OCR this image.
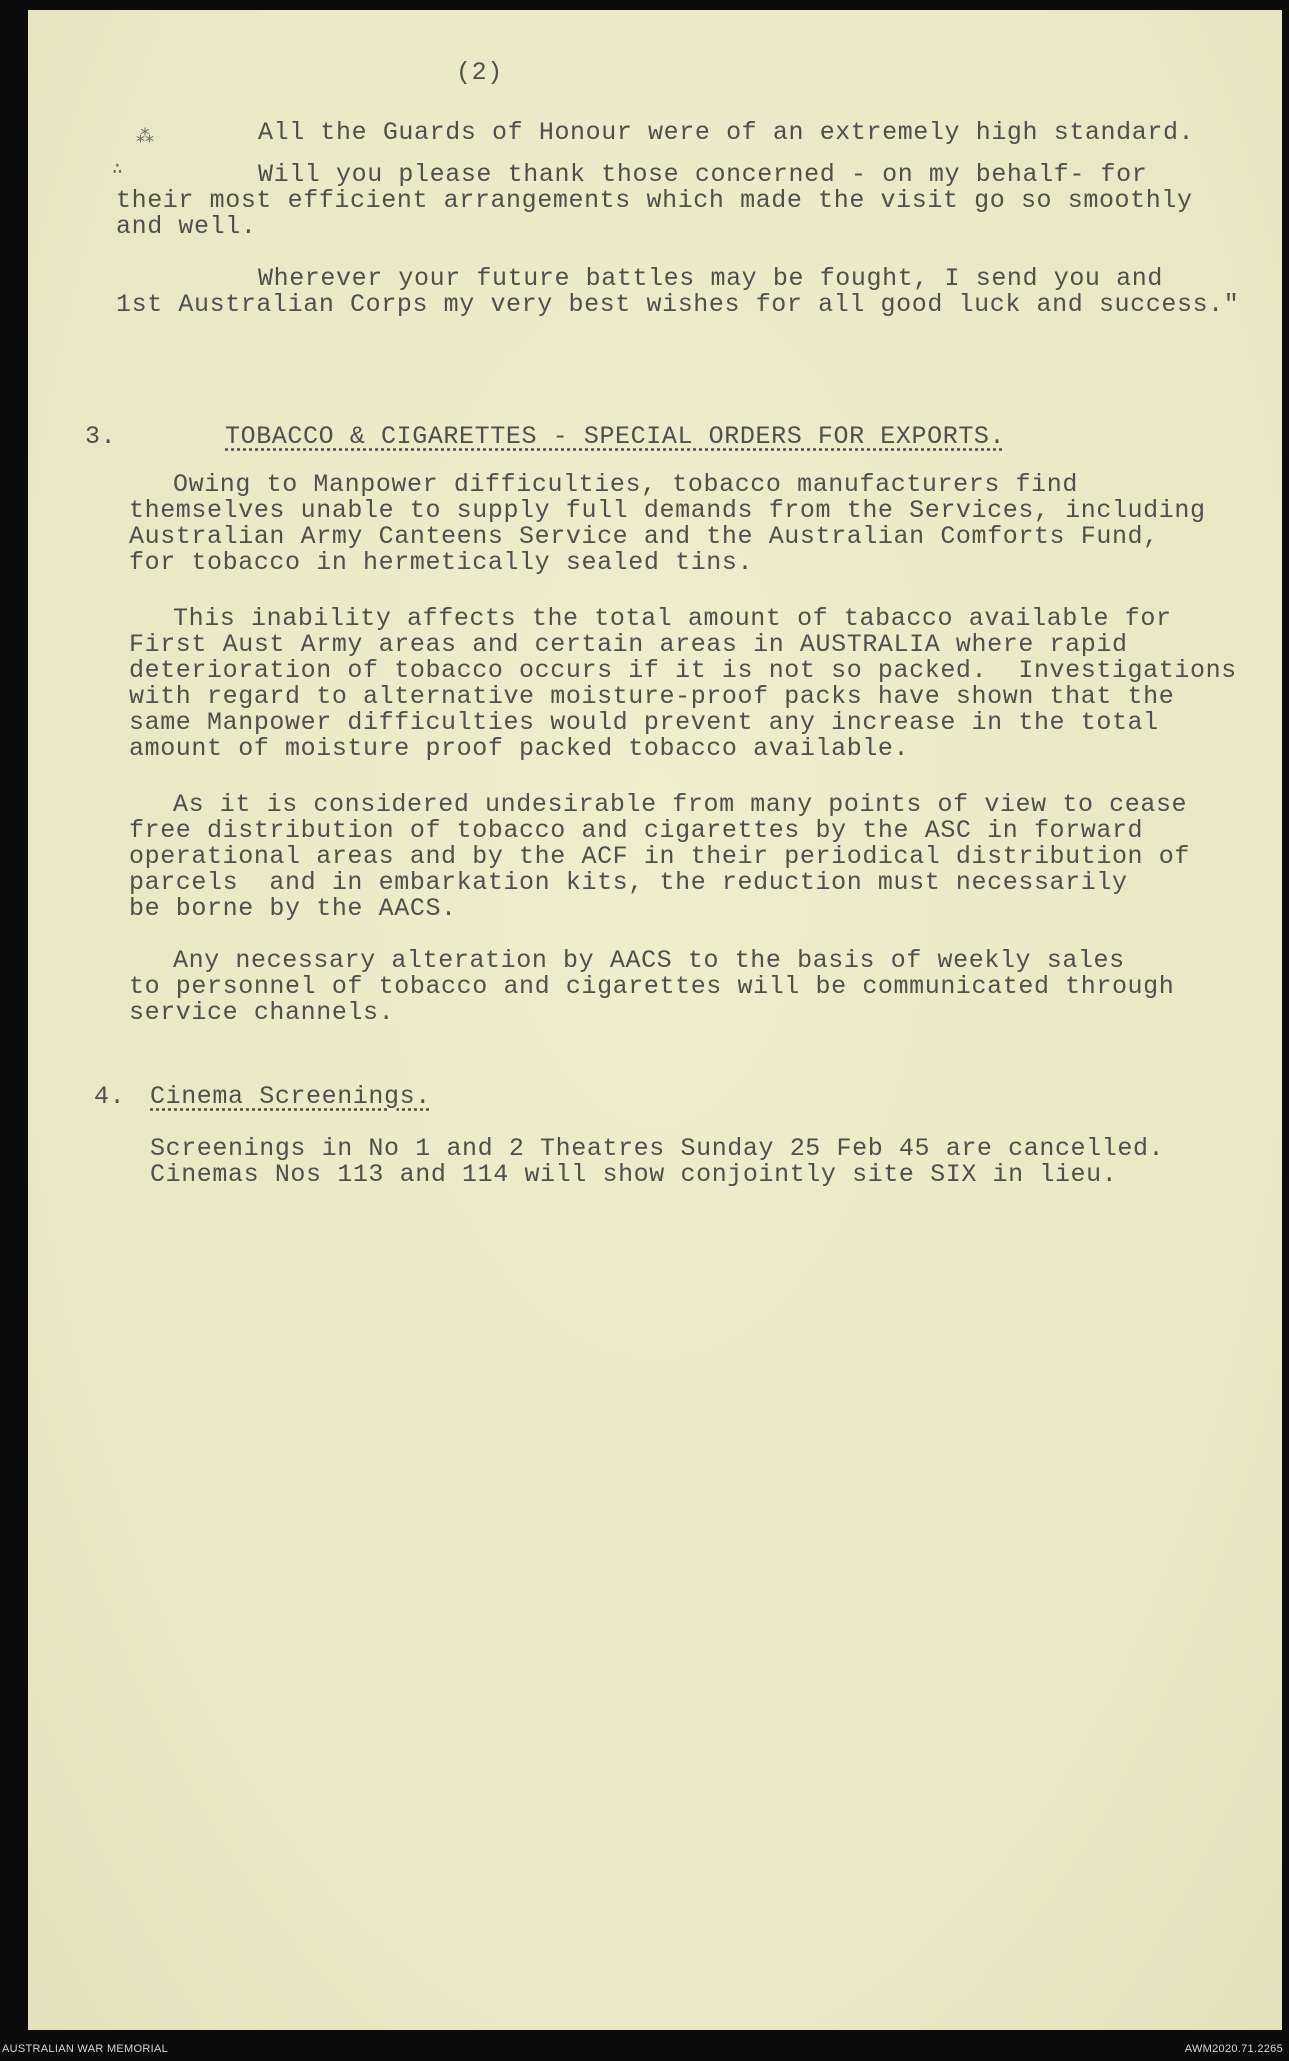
(2)
⁂
∴
All the Guards of Honour were of an extremely high standard.
Will you please thank those concerned - on my behalf- for
their most efficient arrangements which made the visit go so smoothly
and well.
Wherever your future battles may be fought, I send you and
1st Australian Corps my very best wishes for all good luck and success."
3.	TOBACCO & CIGARETTES - SPECIAL ORDERS FOR EXPORTS.
Owing to Manpower difficulties, tobacco manufacturers find
themselves unable to supply full demands from the Services, including
Australian Army Canteens Service and the Australian Comforts Fund,
for tobacco in hermetically sealed tins.
This inability affects the total amount of tabacco available for
First Aust Army areas and certain areas in AUSTRALIA where rapid
deterioration of tobacco occurs if it is not so packed.  Investigations
with regard to alternative moisture-proof packs have shown that the
same Manpower difficulties would prevent any increase in the total
amount of moisture proof packed tobacco available.
As it is considered undesirable from many points of view to cease
free distribution of tobacco and cigarettes by the ASC in forward
operational areas and by the ACF in their periodical distribution of
parcels  and in embarkation kits, the reduction must necessarily
be borne by the AACS.
Any necessary alteration by AACS to the basis of weekly sales
to personnel of tobacco and cigarettes will be communicated through
service channels.
4. Cinema Screenings.
Screenings in No 1 and 2 Theatres Sunday 25 Feb 45 are cancelled.
Cinemas Nos 113 and 114 will show conjointly site SIX in lieu.
AUSTRALIAN WAR MEMORIAL	AWM2020.71.2265
